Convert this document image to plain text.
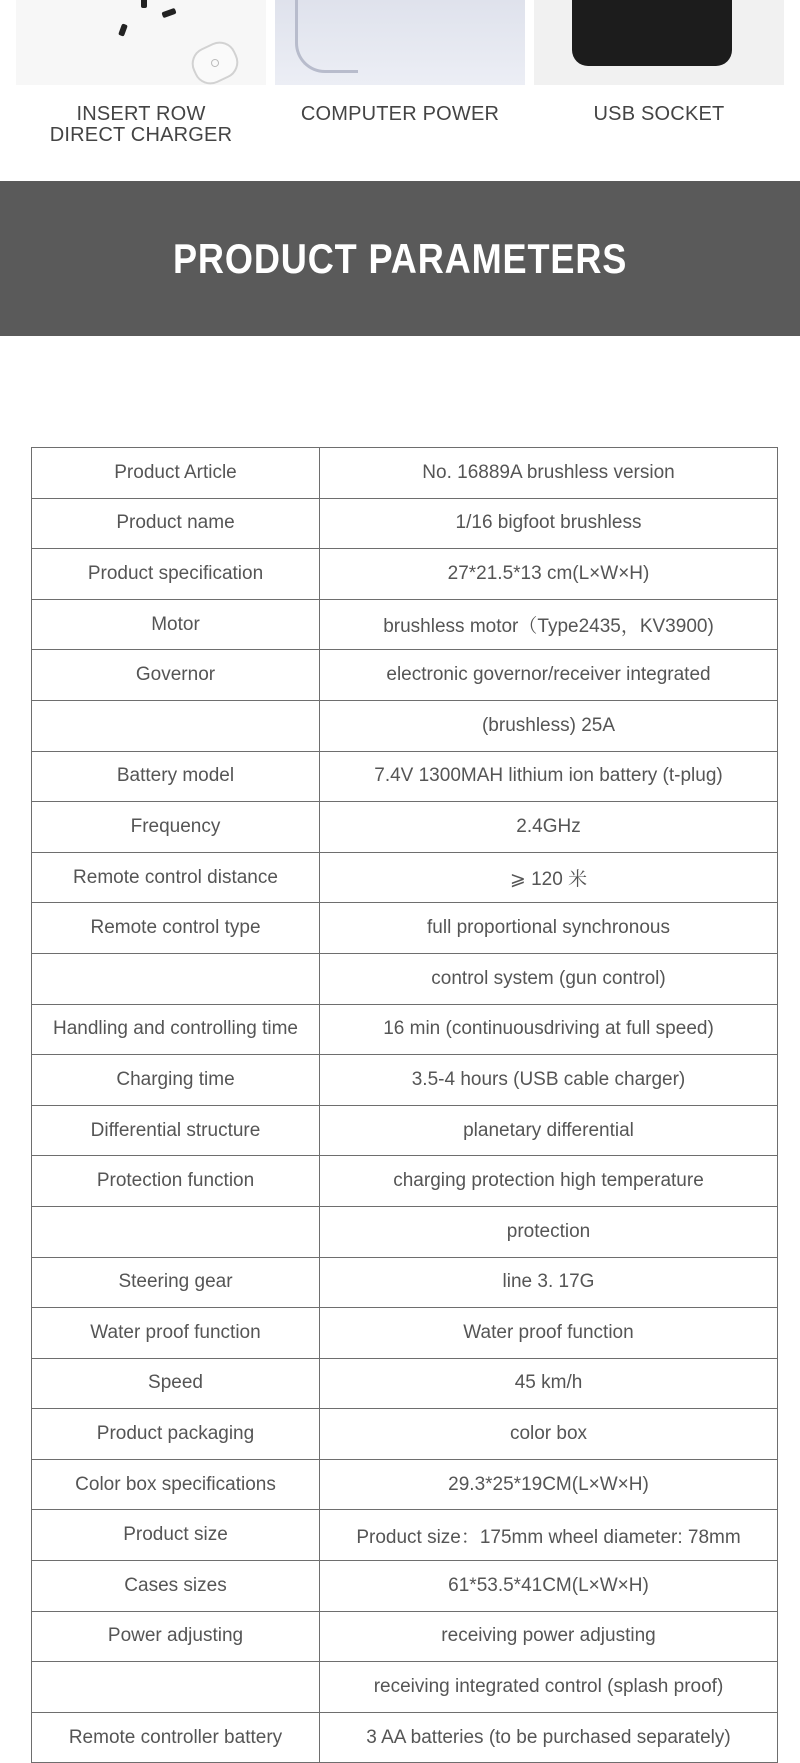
INSERT ROW
DIRECT CHARGER
COMPUTER POWER	USB SOCKET
PRODUCT PARAMETERS
Product Article	No. 16889A brushless version
Product name	1/16 bigfoot brushless
Product specification	27*21.5*13 cm(L×W×H)
Motor	brushless motor（Type2435，KV3900)
Governor	electronic governor/receiver integrated
	(brushless) 25A
Battery model	7.4V 1300MAH lithium ion battery (t-plug)
Frequency	2.4GHz
Remote control distance	⩾ 120 米
Remote control type	full proportional synchronous
	control system (gun control)
Handling and controlling time	16 min (continuousdriving at full speed)
Charging time	3.5-4 hours (USB cable charger)
Differential structure	planetary differential
Protection function	charging protection high temperature
	protection
Steering gear	line 3. 17G
Water proof function	Water proof function
Speed	45 km/h
Product packaging	color box
Color box specifications	29.3*25*19CM(L×W×H)
Product size	Product size：175mm wheel diameter: 78mm
Cases sizes	61*53.5*41CM(L×W×H)
Power adjusting	receiving power adjusting
	receiving integrated control (splash proof)
Remote controller battery	3 AA batteries (to be purchased separately)
